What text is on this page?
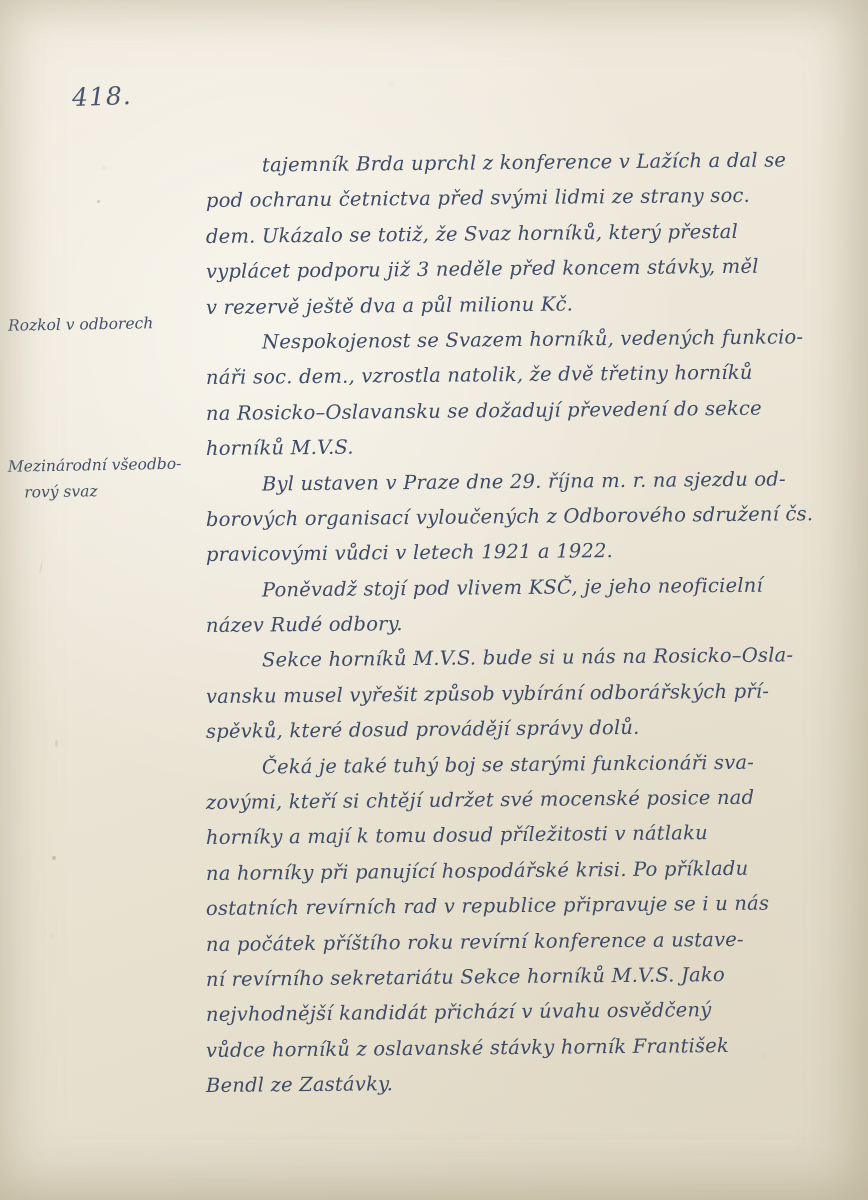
418.
Rozkol v odborech
Mezinárodní všeodbo-
rový svaz
tajemník Brda uprchl z konference v Lažích a dal se
pod ochranu četnictva před svými lidmi ze strany soc.
dem. Ukázalo se totiž, že Svaz horníků, který přestal
vyplácet podporu již 3 neděle před koncem stávky, měl
v rezervě ještě dva a půl milionu Kč.
Nespokojenost se Svazem horníků, vedených funkcio-
náři soc. dem., vzrostla natolik, že dvě třetiny horníků
na Rosicko–Oslavansku se dožadují převedení do sekce
horníků M.V.S.
Byl ustaven v Praze dne 29. října m. r. na sjezdu od-
borových organisací vyloučených z Odborového sdružení čs.
pravicovými vůdci v letech 1921 a 1922.
Poněvadž stojí pod vlivem KSČ, je jeho neoficielní
název Rudé odbory.
Sekce horníků M.V.S. bude si u nás na Rosicko–Osla-
vansku musel vyřešit způsob vybírání odborářských pří-
spěvků, které dosud provádějí správy dolů.
Čeká je také tuhý boj se starými funkcionáři sva-
zovými, kteří si chtějí udržet své mocenské posice nad
horníky a mají k tomu dosud příležitosti v nátlaku
na horníky při panující hospodářské krisi. Po příkladu
ostatních revírních rad v republice připravuje se i u nás
na počátek příštího roku revírní konference a ustave-
ní revírního sekretariátu Sekce horníků M.V.S. Jako
nejvhodnější kandidát přichází v úvahu osvědčený
vůdce horníků z oslavanské stávky horník František
Bendl ze Zastávky.
